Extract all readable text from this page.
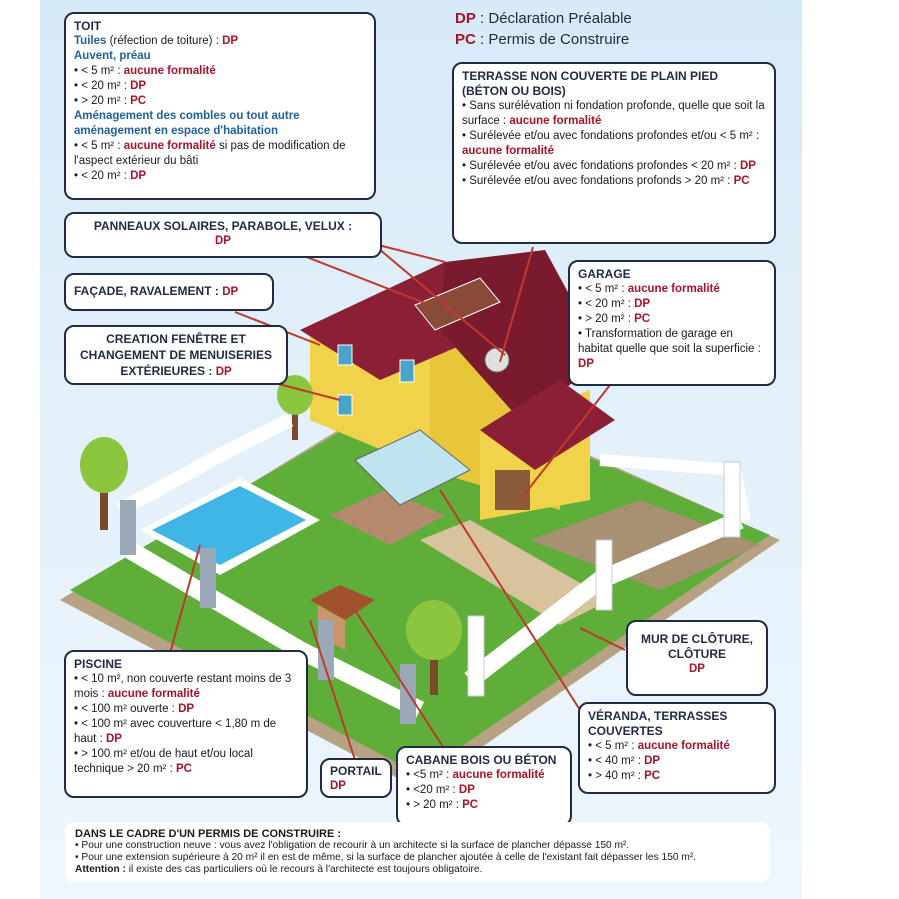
DP : Déclaration Préalable
PC : Permis de Construire
TOIT
Tuiles (réfection de toiture) : DP
Auvent, préau
• < 5 m² : aucune formalité
• < 20 m² : DP
• > 20 m² : PC
Aménagement des combles ou tout autre aménagement en espace d'habitation
• < 5 m² : aucune formalité si pas de modification de l'aspect extérieur du bâti
• < 20 m² : DP
PANNEAUX SOLAIRES, PARABOLE, VELUX :
DP
FAÇADE, RAVALEMENT : DP
CREATION FENÊTRE ET CHANGEMENT DE MENUISERIES EXTÉRIEURES : DP
TERRASSE NON COUVERTE DE PLAIN PIED (BÉTON OU BOIS)
• Sans surélévation ni fondation profonde, quelle que soit la surface : aucune formalité
• Surélevée et/ou avec fondations profondes et/ou < 5 m² : aucune formalité
• Surélevée et/ou avec fondations profondes < 20 m² : DP
• Surélevée et/ou avec fondations profonds > 20 m² : PC
GARAGE
• < 5 m² : aucune formalité
• < 20 m² : DP
• > 20 m² : PC
• Transformation de garage en habitat quelle que soit la superficie : DP
MUR DE CLÔTURE, CLÔTURE
DP
PISCINE
• < 10 m², non couverte restant moins de 3 mois : aucune formalité
• < 100 m² ouverte : DP
• < 100 m² avec couverture < 1,80 m de haut : DP
• > 100 m² et/ou de haut et/ou local technique > 20 m² : PC	PORTAIL
DP
CABANE BOIS OU BÉTON
• <5 m² : aucune formalité
• <20 m² : DP
• > 20 m² : PC
VÉRANDA, TERRASSES COUVERTES
• < 5 m² : aucune formalité
• < 40 m² : DP
• > 40 m² : PC
DANS LE CADRE D'UN PERMIS DE CONSTRUIRE :
• Pour une construction neuve : vous avez l'obligation de recourir à un architecte si la surface de plancher dépasse 150 m².
• Pour une extension supérieure à 20 m² il en est de même, si la surface de plancher ajoutée à celle de l'existant fait dépasser les 150 m².
Attention : il existe des cas particuliers où le recours à l'architecte est toujours obligatoire.
